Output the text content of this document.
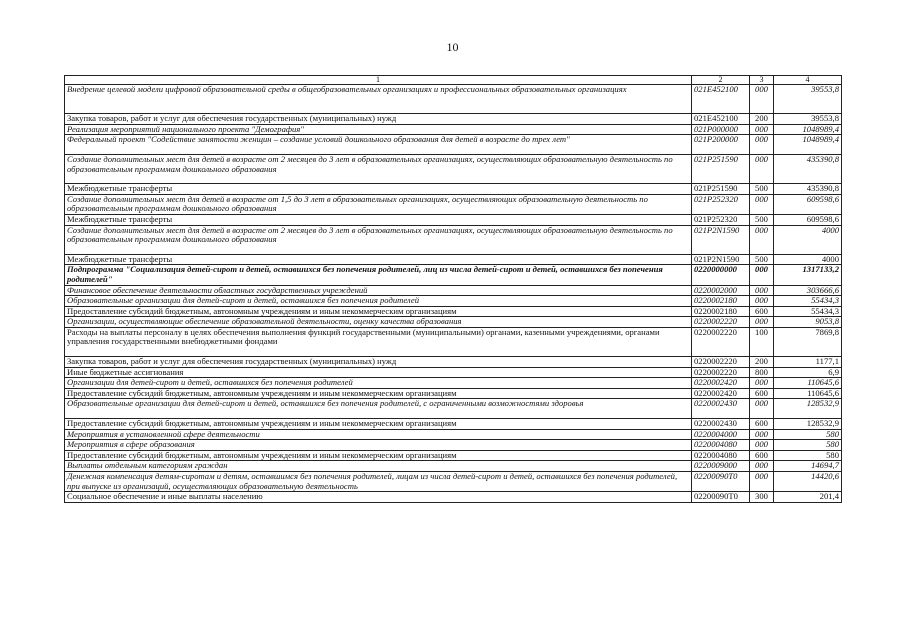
10
1	2	3	4
Внедрение целевой модели цифровой образовательной среды в общеобразовательных организациях и профессиональных образовательных организациях	021E452100	000	39553,8
Закупка товаров, работ и услуг для обеспечения государственных (муниципальных) нужд	021E452100	200	39553,8
Реализация мероприятий национального проекта "Демография"	021P000000	000	1048989,4
Федеральный проект "Содействие занятости женщин – создание условий дошкольного образования для детей в возрасте до трех лет"	021P200000	000	1048989,4
Создание дополнительных мест для детей в возрасте от 2 месяцев до 3 лет в образовательных организациях, осуществляющих образовательную деятельность по образовательным программам дошкольного образования	021P251590	000	435390,8
Межбюджетные трансферты	021P251590	500	435390,8
Создание дополнительных мест для детей в возрасте от 1,5 до 3 лет в образовательных организациях, осуществляющих образовательную деятельность по образовательным программам дошкольного образования	021P252320	000	609598,6
Межбюджетные трансферты	021P252320	500	609598,6
Создание дополнительных мест для детей в возрасте от 2 месяцев до 3 лет в образовательных организациях, осуществляющих образовательную деятельность по образовательным программам дошкольного образования	021P2N1590	000	4000
Межбюджетные трансферты	021P2N1590	500	4000
Подпрограмма "Социализация детей-сирот и детей, оставшихся без попечения родителей, лиц из числа детей-сирот и детей, оставшихся без попечения родителей"	0220000000	000	1317133,2
Финансовое обеспечение деятельности областных государственных учреждений	0220002000	000	303666,6
Образовательные организации для детей-сирот и детей, оставшихся без попечения родителей	0220002180	000	55434,3
Предоставление субсидий бюджетным, автономным учреждениям и иным некоммерческим организациям	0220002180	600	55434,3
Организации, осуществляющие обеспечение образовательной деятельности, оценку качества образования	0220002220	000	9053,8
Расходы на выплаты персоналу в целях обеспечения выполнения функций государственными (муниципальными) органами, казенными учреждениями, органами управления государственными внебюджетными фондами	0220002220	100	7869,8
Закупка товаров, работ и услуг для обеспечения государственных (муниципальных) нужд	0220002220	200	1177,1
Иные бюджетные ассигнования	0220002220	800	6,9
Организации для детей-сирот и детей, оставшихся без попечения родителей	0220002420	000	110645,6
Предоставление субсидий бюджетным, автономным учреждениям и иным некоммерческим организациям	0220002420	600	110645,6
Образовательные организации для детей-сирот и детей, оставшихся без попечения родителей, с ограниченными возможностями здоровья	0220002430	000	128532,9
Предоставление субсидий бюджетным, автономным учреждениям и иным некоммерческим организациям	0220002430	600	128532,9
Мероприятия в установленной сфере деятельности	0220004000	000	580
Мероприятия в сфере образования	0220004080	000	580
Предоставление субсидий бюджетным, автономным учреждениям и иным некоммерческим организациям	0220004080	600	580
Выплаты отдельным категориям граждан	0220009000	000	14694,7
Денежная компенсация детям-сиротам и детям, оставшимся без попечения родителей, лицам из числа детей-сирот и детей, оставшихся без попечения родителей, при выпуске из организаций, осуществляющих образовательную деятельность	02200090Т0	000	14420,6
Социальное обеспечение и иные выплаты населению	02200090Т0	300	201,4
